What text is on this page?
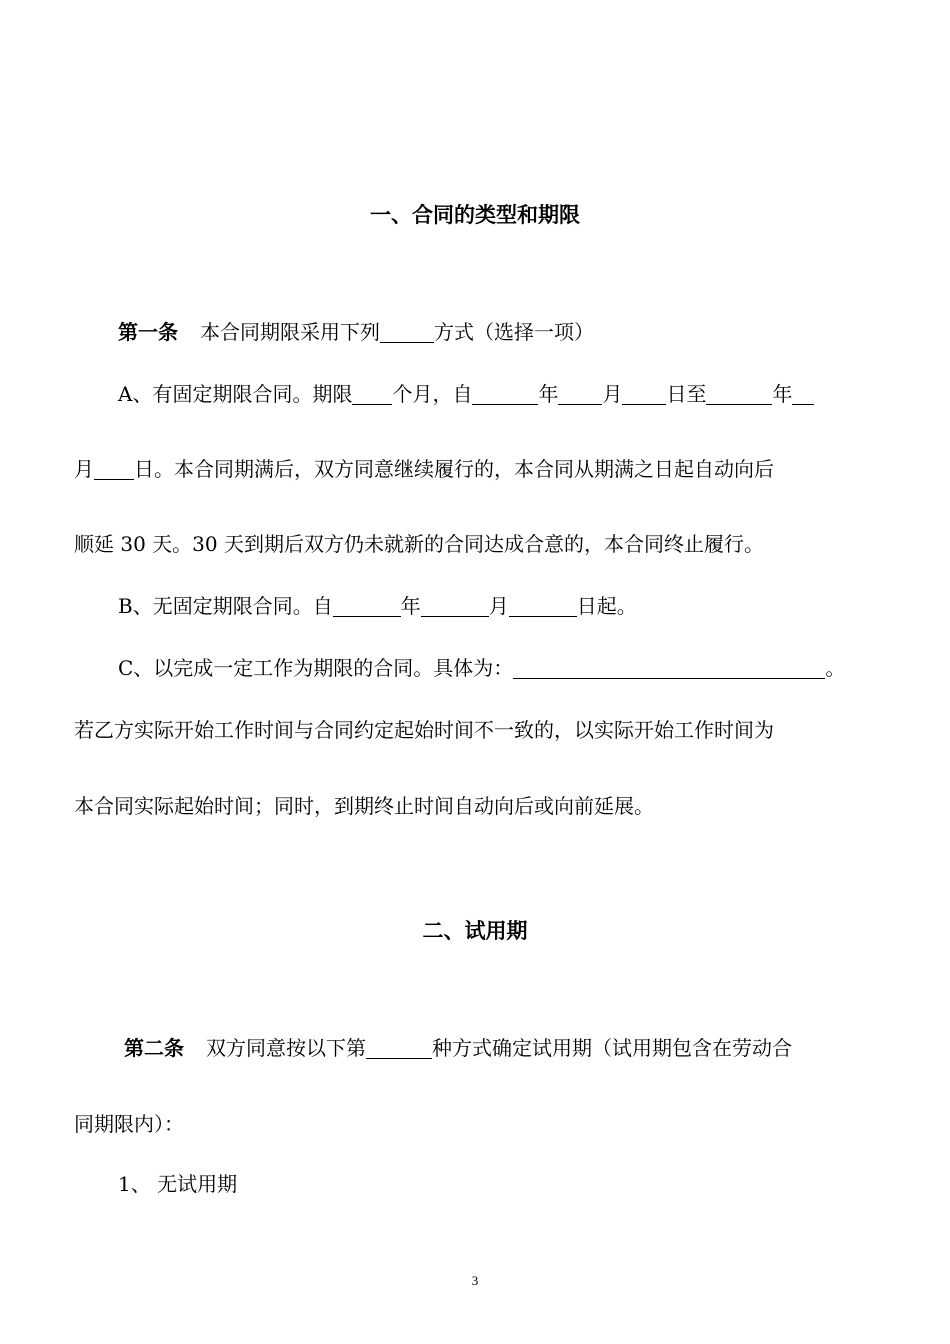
一、合同的类型和期限
第一条 本合同期限采用下列	方式（选择一项）
A、有固定期限合同。期限 个月，自	年 月 日至	年
月 日。本合同期满后，双方同意继续履行的，本合同从期满之日起自动向后
顺延 30 天。30 天到期后双方仍未就新的合同达成合意的，本合同终止履行。
B、无固定期限合同。自	年	月	日起。
C、以完成一定工作为期限的合同。具体为：	。
若乙方实际开始工作时间与合同约定起始时间不一致的，以实际开始工作时间为
本合同实际起始时间；同时，到期终止时间自动向后或向前延展。
二、试用期
第二条 双方同意按以下第	种方式确定试用期（试用期包含在劳动合
同期限内）：
1、 无试用期
3
